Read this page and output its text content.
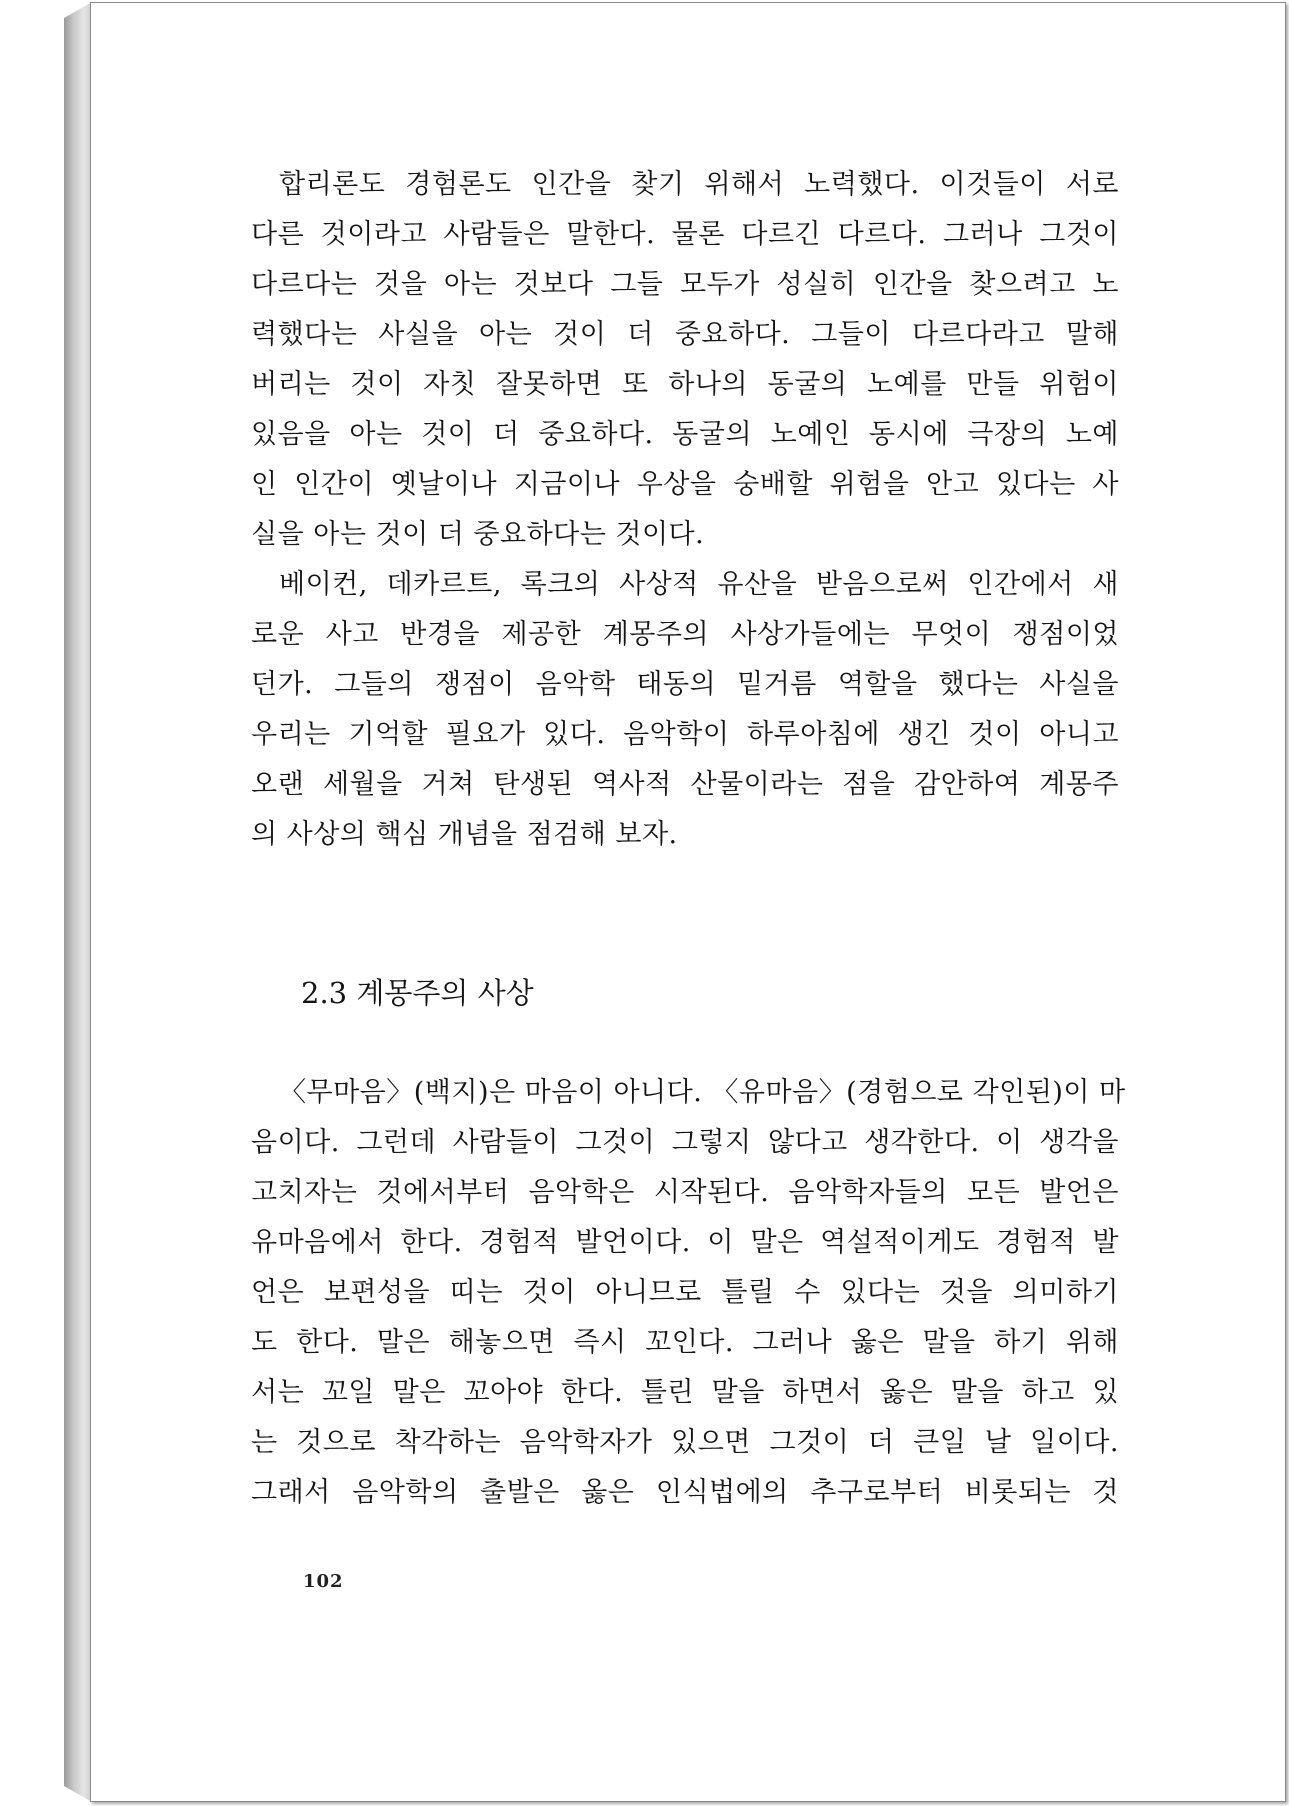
합리론도 경험론도 인간을 찾기 위해서 노력했다. 이것들이 서로
다른 것이라고 사람들은 말한다. 물론 다르긴 다르다. 그러나 그것이
다르다는 것을 아는 것보다 그들 모두가 성실히 인간을 찾으려고 노
력했다는 사실을 아는 것이 더 중요하다. 그들이 다르다라고 말해
버리는 것이 자칫 잘못하면 또 하나의 동굴의 노예를 만들 위험이
있음을 아는 것이 더 중요하다. 동굴의 노예인 동시에 극장의 노예
인 인간이 옛날이나 지금이나 우상을 숭배할 위험을 안고 있다는 사
실을 아는 것이 더 중요하다는 것이다.
베이컨, 데카르트, 록크의 사상적 유산을 받음으로써 인간에서 새
로운 사고 반경을 제공한 계몽주의 사상가들에는 무엇이 쟁점이었
던가. 그들의 쟁점이 음악학 태동의 밑거름 역할을 했다는 사실을
우리는 기억할 필요가 있다. 음악학이 하루아침에 생긴 것이 아니고
오랜 세월을 거쳐 탄생된 역사적 산물이라는 점을 감안하여 계몽주
의 사상의 핵심 개념을 점검해 보자.
2.3 계몽주의 사상
〈무마음〉(백지)은 마음이 아니다. 〈유마음〉(경험으로 각인된)이 마
음이다. 그런데 사람들이 그것이 그렇지 않다고 생각한다. 이 생각을
고치자는 것에서부터 음악학은 시작된다. 음악학자들의 모든 발언은
유마음에서 한다. 경험적 발언이다. 이 말은 역설적이게도 경험적 발
언은 보편성을 띠는 것이 아니므로 틀릴 수 있다는 것을 의미하기
도 한다. 말은 해놓으면 즉시 꼬인다. 그러나 옳은 말을 하기 위해
서는 꼬일 말은 꼬아야 한다. 틀린 말을 하면서 옳은 말을 하고 있
는 것으로 착각하는 음악학자가 있으면 그것이 더 큰일 날 일이다.
그래서 음악학의 출발은 옳은 인식법에의 추구로부터 비롯되는 것
102
